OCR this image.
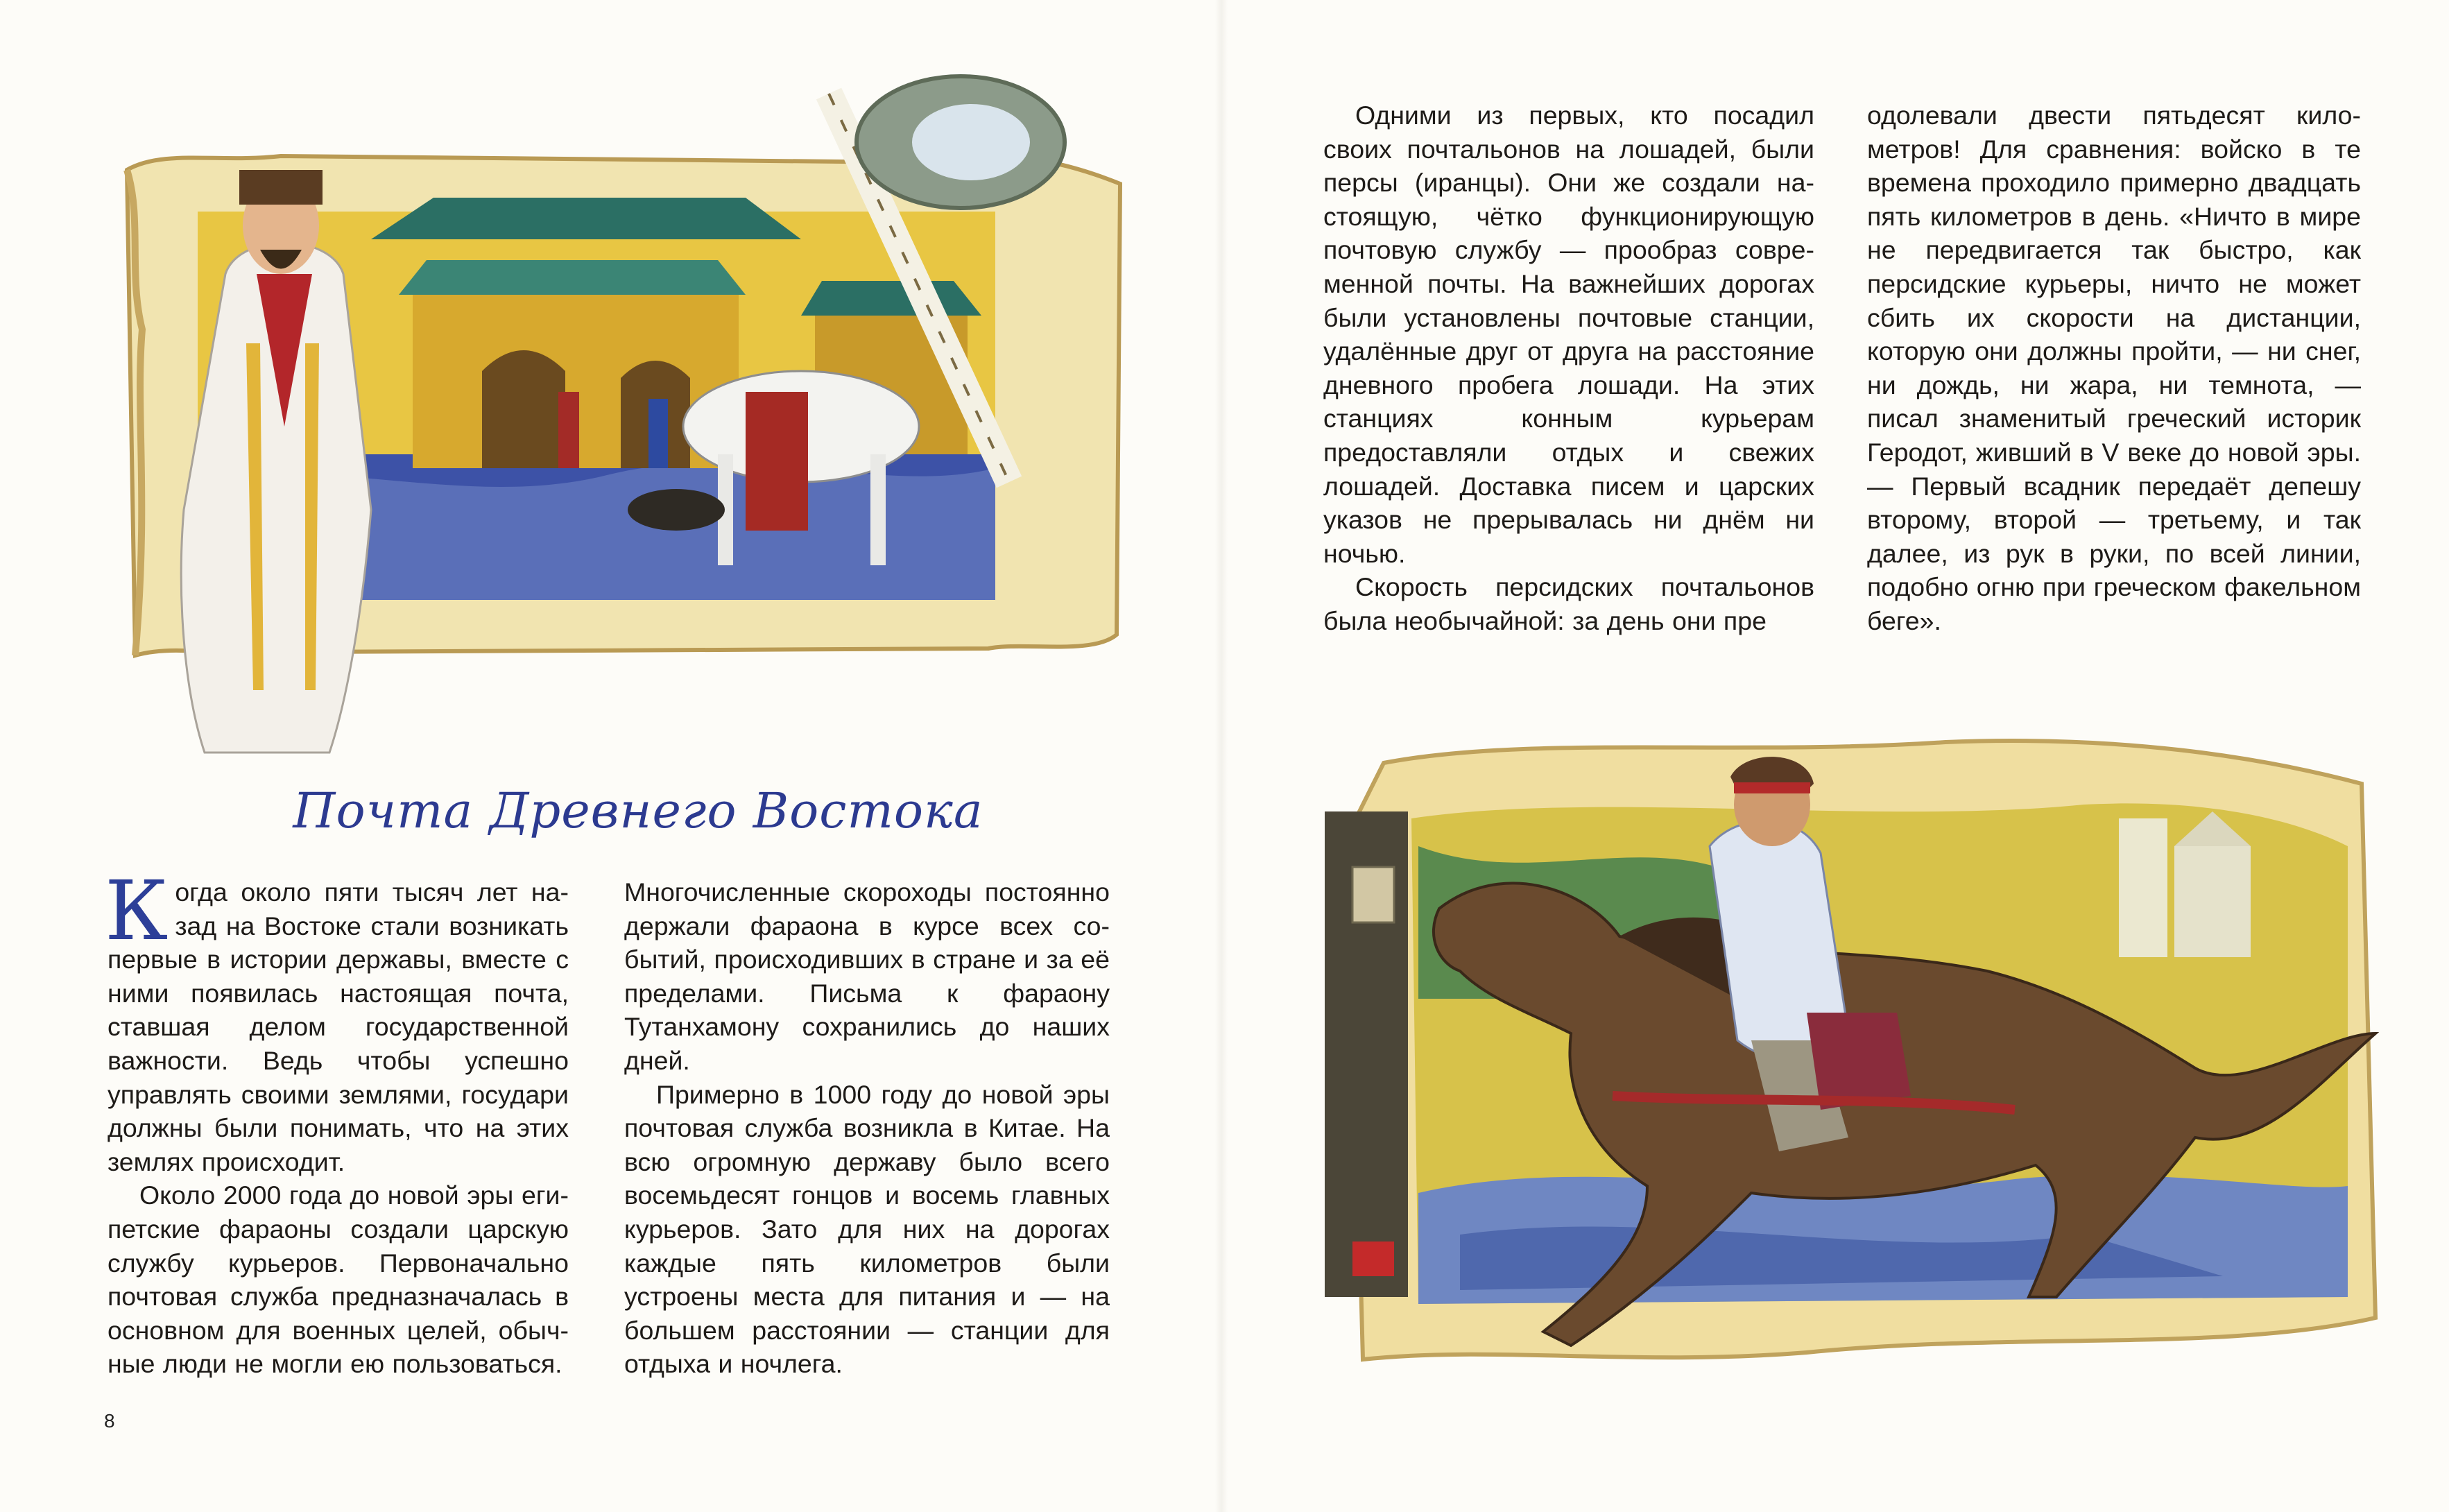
Почта Древнего Востока

Когда около пяти тысяч лет назад на Востоке стали возникать первые в истории державы, вместе с ними появилась настоящая почта, ставшая делом государственной важности. Ведь чтобы успешно управлять своими землями, государи должны были понимать, что на этих землях происходит.

Около 2000 года до новой эры египетские фараоны создали царскую службу курьеров. Первоначально почтовая служба предназначалась в основном для военных целей, обычные люди не могли ею пользоваться.

Многочисленные скороходы постоянно держали фараона в курсе всех событий, происходивших в стране и за её пределами. Письма к фараону Тутанхамону сохранились до наших дней.

Примерно в 1000 году до новой эры почтовая служба возникла в Китае. На всю огромную державу было всего восемьдесят гонцов и восемь главных курьеров. Зато для них на дорогах каждые пять километров были устроены места для питания и — на большем расстоянии — станции для отдыха и ночлега.

8

Одними из первых, кто посадил своих почтальонов на лошадей, были персы (иранцы). Они же создали настоящую, чётко функционирующую почтовую службу — прообраз современной почты. На важнейших дорогах были установлены почтовые станции, удалённые друг от друга на расстояние дневного пробега лошади. На этих станциях конным курьерам предоставляли отдых и свежих лошадей. Доставка писем и царских указов не прерывалась ни днём ни ночью.

Скорость персидских почтальонов была необычайной: за день они пре

одолевали двести пятьдесят километров! Для сравнения: войско в те времена проходило примерно двадцать пять километров в день. «Ничто в мире не передвигается так быстро, как персидские курьеры, ничто не может сбить их скорости на дистанции, которую они должны пройти, — ни снег, ни дождь, ни жара, ни темнота, — писал знаменитый греческий историк Геродот, живший в V веке до новой эры. — Первый всадник передаёт депешу второму, второй — третьему, и так далее, из рук в руки, по всей линии, подобно огню при греческом факельном беге».
